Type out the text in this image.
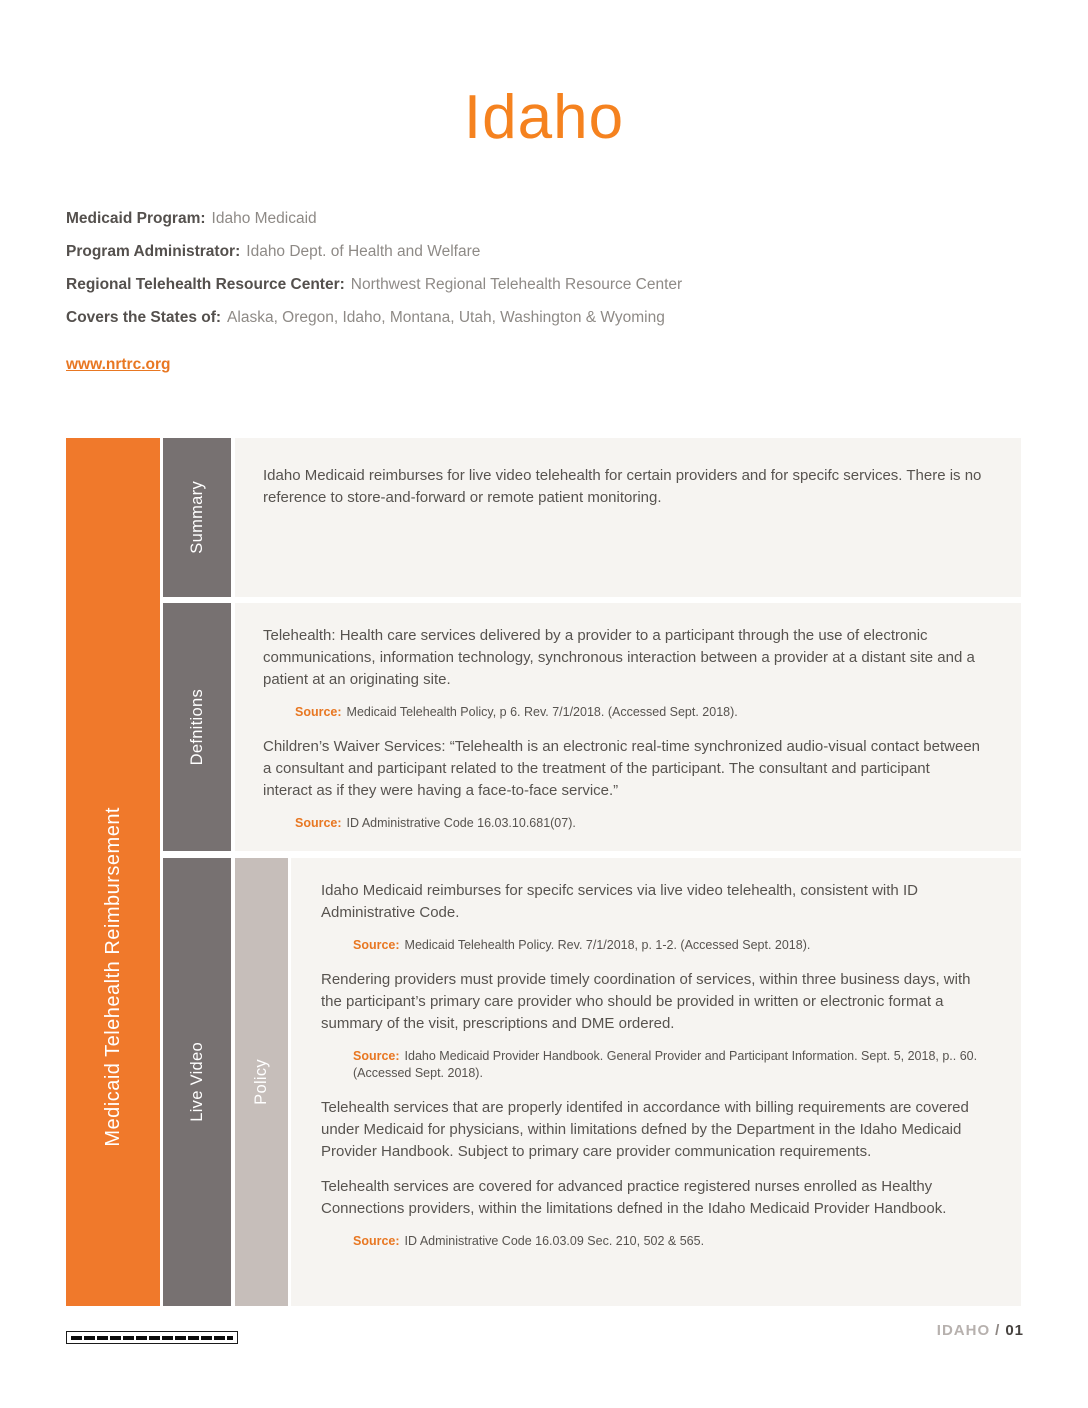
Idaho
Medicaid Program: Idaho Medicaid
Program Administrator: Idaho Dept. of Health and Welfare
Regional Telehealth Resource Center: Northwest Regional Telehealth Resource Center
Covers the States of: Alaska, Oregon, Idaho, Montana, Utah, Washington & Wyoming
www.nrtrc.org
Medicaid Telehealth Reimbursement
Summary

Idaho Medicaid reimburses for live video telehealth for certain providers and for specifc services. There is no reference to store-and-forward or remote patient monitoring.

Defnitions

Telehealth: Health care services delivered by a provider to a participant through the use of electronic communications, information technology, synchronous interaction between a provider at a distant site and a patient at an originating site.

Source: Medicaid Telehealth Policy, p 6. Rev. 7/1/2018. (Accessed Sept. 2018).

Children’s Waiver Services: “Telehealth is an electronic real-time synchronized audio-visual contact between a consultant and participant related to the treatment of the participant. The consultant and participant interact as if they were having a face-to-face service.”

Source: ID Administrative Code 16.03.10.681(07).
Live Video	Policy

Idaho Medicaid reimburses for specifc services via live video telehealth, consistent with ID Administrative Code.

Source: Medicaid Telehealth Policy. Rev. 7/1/2018, p. 1-2. (Accessed Sept. 2018).

Rendering providers must provide timely coordination of services, within three business days, with the participant’s primary care provider who should be provided in written or electronic format a summary of the visit, prescriptions and DME ordered.

Source: Idaho Medicaid Provider Handbook. General Provider and Participant Information. Sept. 5, 2018, p.. 60. (Accessed Sept. 2018).

Telehealth services that are properly identifed in accordance with billing requirements are covered under Medicaid for physicians, within limitations defned by the Department in the Idaho Medicaid Provider Handbook. Subject to primary care provider communication requirements.

Telehealth services are covered for advanced practice registered nurses enrolled as Healthy Connections providers, within the limitations defned in the Idaho Medicaid Provider Handbook.

Source: ID Administrative Code 16.03.09 Sec. 210, 502 & 565.
IDAHO / 01
